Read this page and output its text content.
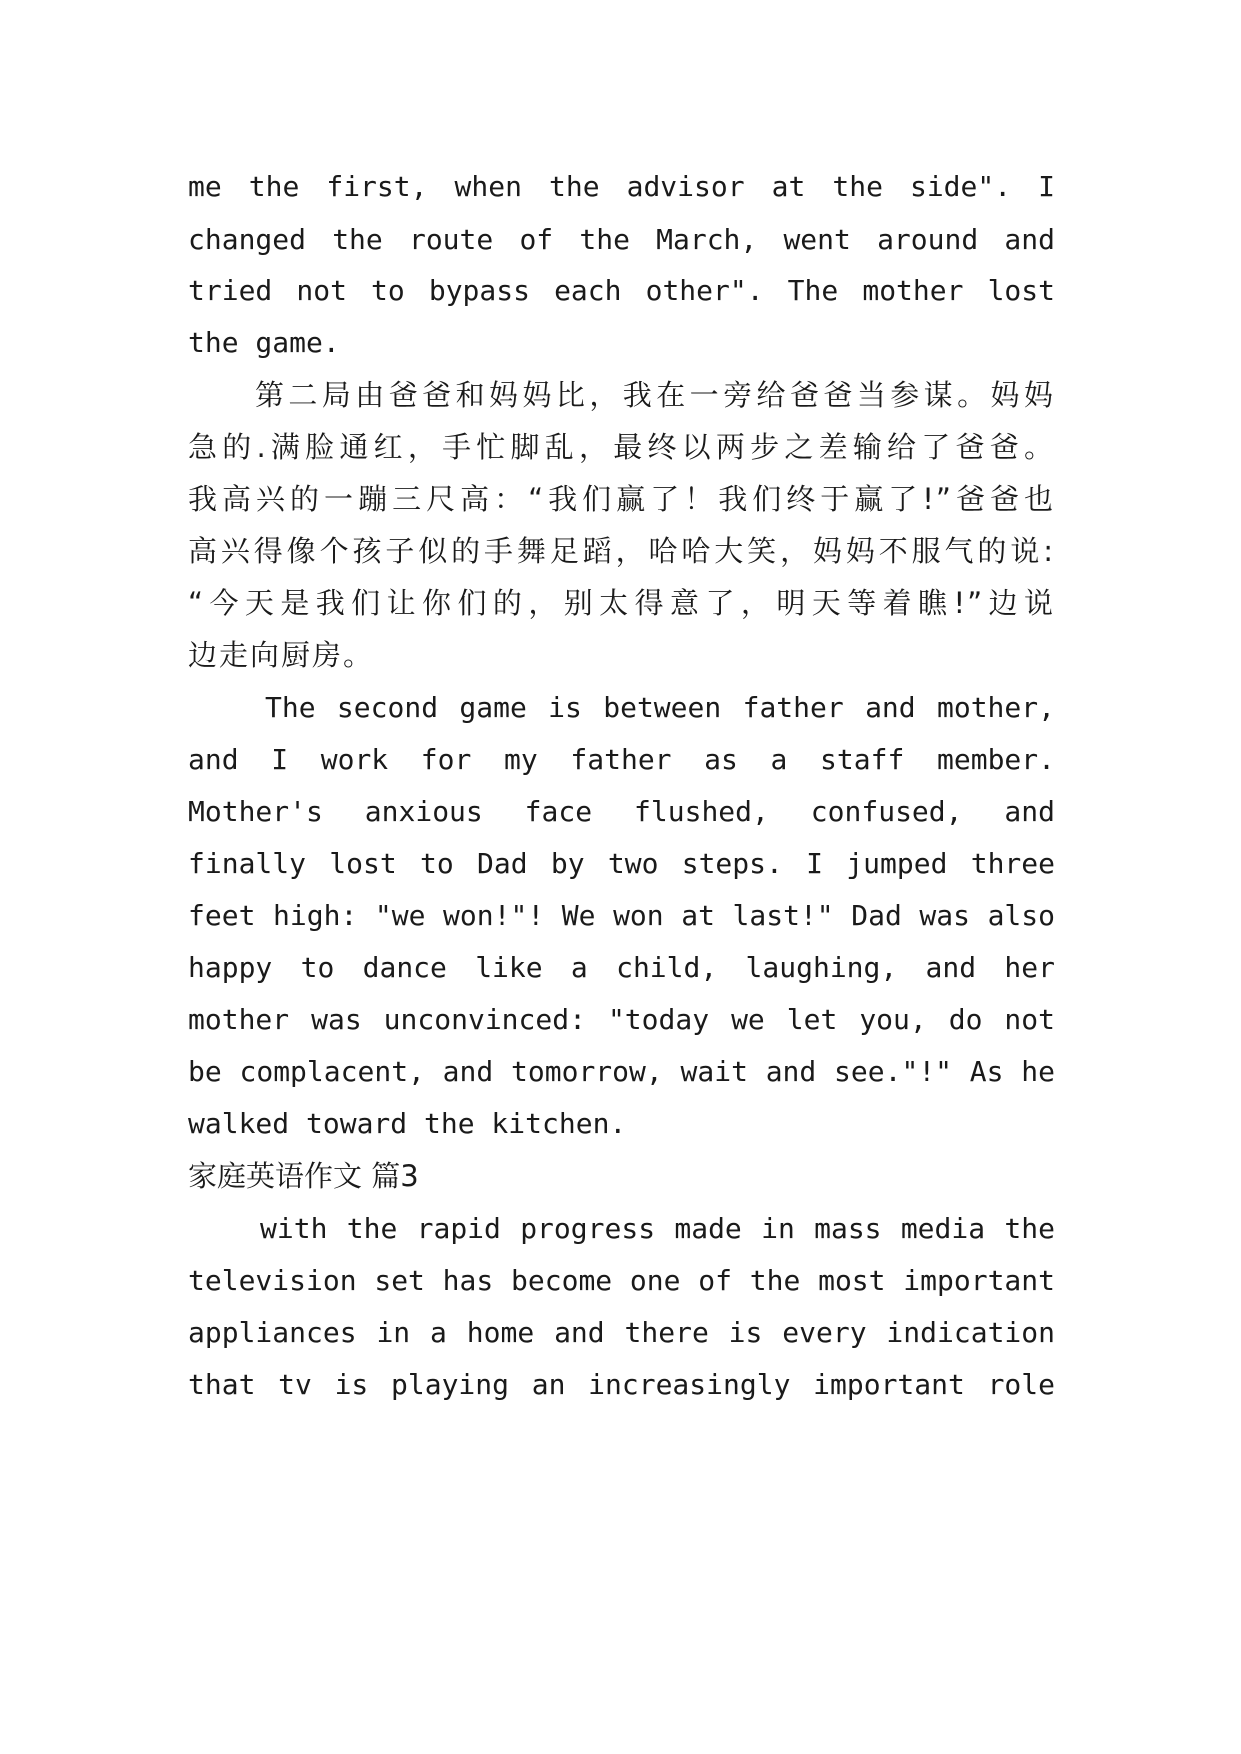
me the first, when the advisor at the side". I
changed the route of the March, went around and
tried not to bypass each other". The mother lost
the game.
第二局由爸爸和妈妈比，我在一旁给爸爸当参谋。妈妈
急的.满脸通红，手忙脚乱，最终以两步之差输给了爸爸。
我高兴的一蹦三尺高：“我们赢了！我们终于赢了!”爸爸也
高兴得像个孩子似的手舞足蹈，哈哈大笑，妈妈不服气的说:
“今天是我们让你们的，别太得意了，明天等着瞧!”边说
边走向厨房。
The second game is between father and mother,
and I work for my father as a staff member.
Mother's anxious face flushed, confused, and
finally lost to Dad by two steps. I jumped three
feet high: "we won!"! We won at last!" Dad was also
happy to dance like a child, laughing, and her
mother was unconvinced: "today we let you, do not
be complacent, and tomorrow, wait and see."!" As he
walked toward the kitchen.
家庭英语作文 篇3
with the rapid progress made in mass media the
television set has become one of the most important
appliances in a home and there is every indication
that tv is playing an increasingly important role
